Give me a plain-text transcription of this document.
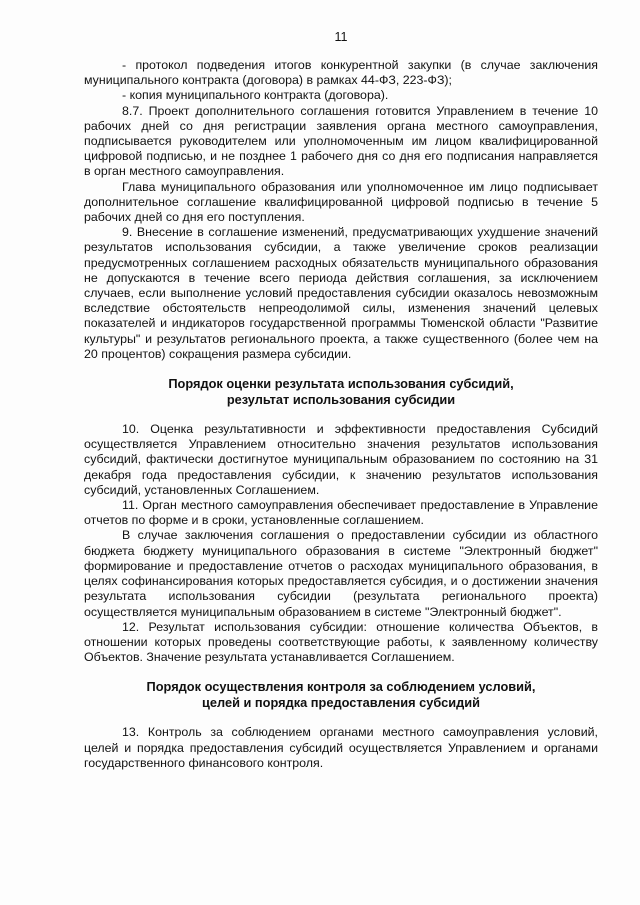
11

- протокол подведения итогов конкурентной закупки (в случае заключения муниципального контракта (договора) в рамках 44-ФЗ, 223-ФЗ);

- копия муниципального контракта (договора).

8.7. Проект дополнительного соглашения готовится Управлением в течение 10 рабочих дней со дня регистрации заявления органа местного самоуправления, подписывается руководителем или уполномоченным им лицом квалифицированной цифровой подписью, и не позднее 1 рабочего дня со дня его подписания направляется в орган местного самоуправления.

Глава муниципального образования или уполномоченное им лицо подписывает дополнительное соглашение квалифицированной цифровой подписью в течение 5 рабочих дней со дня его поступления.

9. Внесение в соглашение изменений, предусматривающих ухудшение значений результатов использования субсидии, а также увеличение сроков реализации предусмотренных соглашением расходных обязательств муниципального образования не допускаются в течение всего периода действия соглашения, за исключением случаев, если выполнение условий предоставления субсидии оказалось невозможным вследствие обстоятельств непреодолимой силы, изменения значений целевых показателей и индикаторов государственной программы Тюменской области "Развитие культуры" и результатов регионального проекта, а также существенного (более чем на 20 процентов) сокращения размера субсидии.

Порядок оценки результата использования субсидий,
результат использования субсидии

10. Оценка результативности и эффективности предоставления Субсидий осуществляется Управлением относительно значения результатов использования субсидий, фактически достигнутое муниципальным образованием по состоянию на 31 декабря года предоставления субсидии, к значению результатов использования субсидий, установленных Соглашением.

11. Орган местного самоуправления обеспечивает предоставление в Управление отчетов по форме и в сроки, установленные соглашением.

В случае заключения соглашения о предоставлении субсидии из областного бюджета бюджету муниципального образования в системе "Электронный бюджет" формирование и предоставление отчетов о расходах муниципального образования, в целях софинансирования которых предоставляется субсидия, и о достижении значения результата использования субсидии (результата регионального проекта) осуществляется муниципальным образованием в системе "Электронный бюджет".

12. Результат использования субсидии: отношение количества Объектов, в отношении которых проведены соответствующие работы, к заявленному количеству Объектов. Значение результата устанавливается Соглашением.

Порядок осуществления контроля за соблюдением условий,
целей и порядка предоставления субсидий

13. Контроль за соблюдением органами местного самоуправления условий, целей и порядка предоставления субсидий осуществляется Управлением и органами государственного финансового контроля.
